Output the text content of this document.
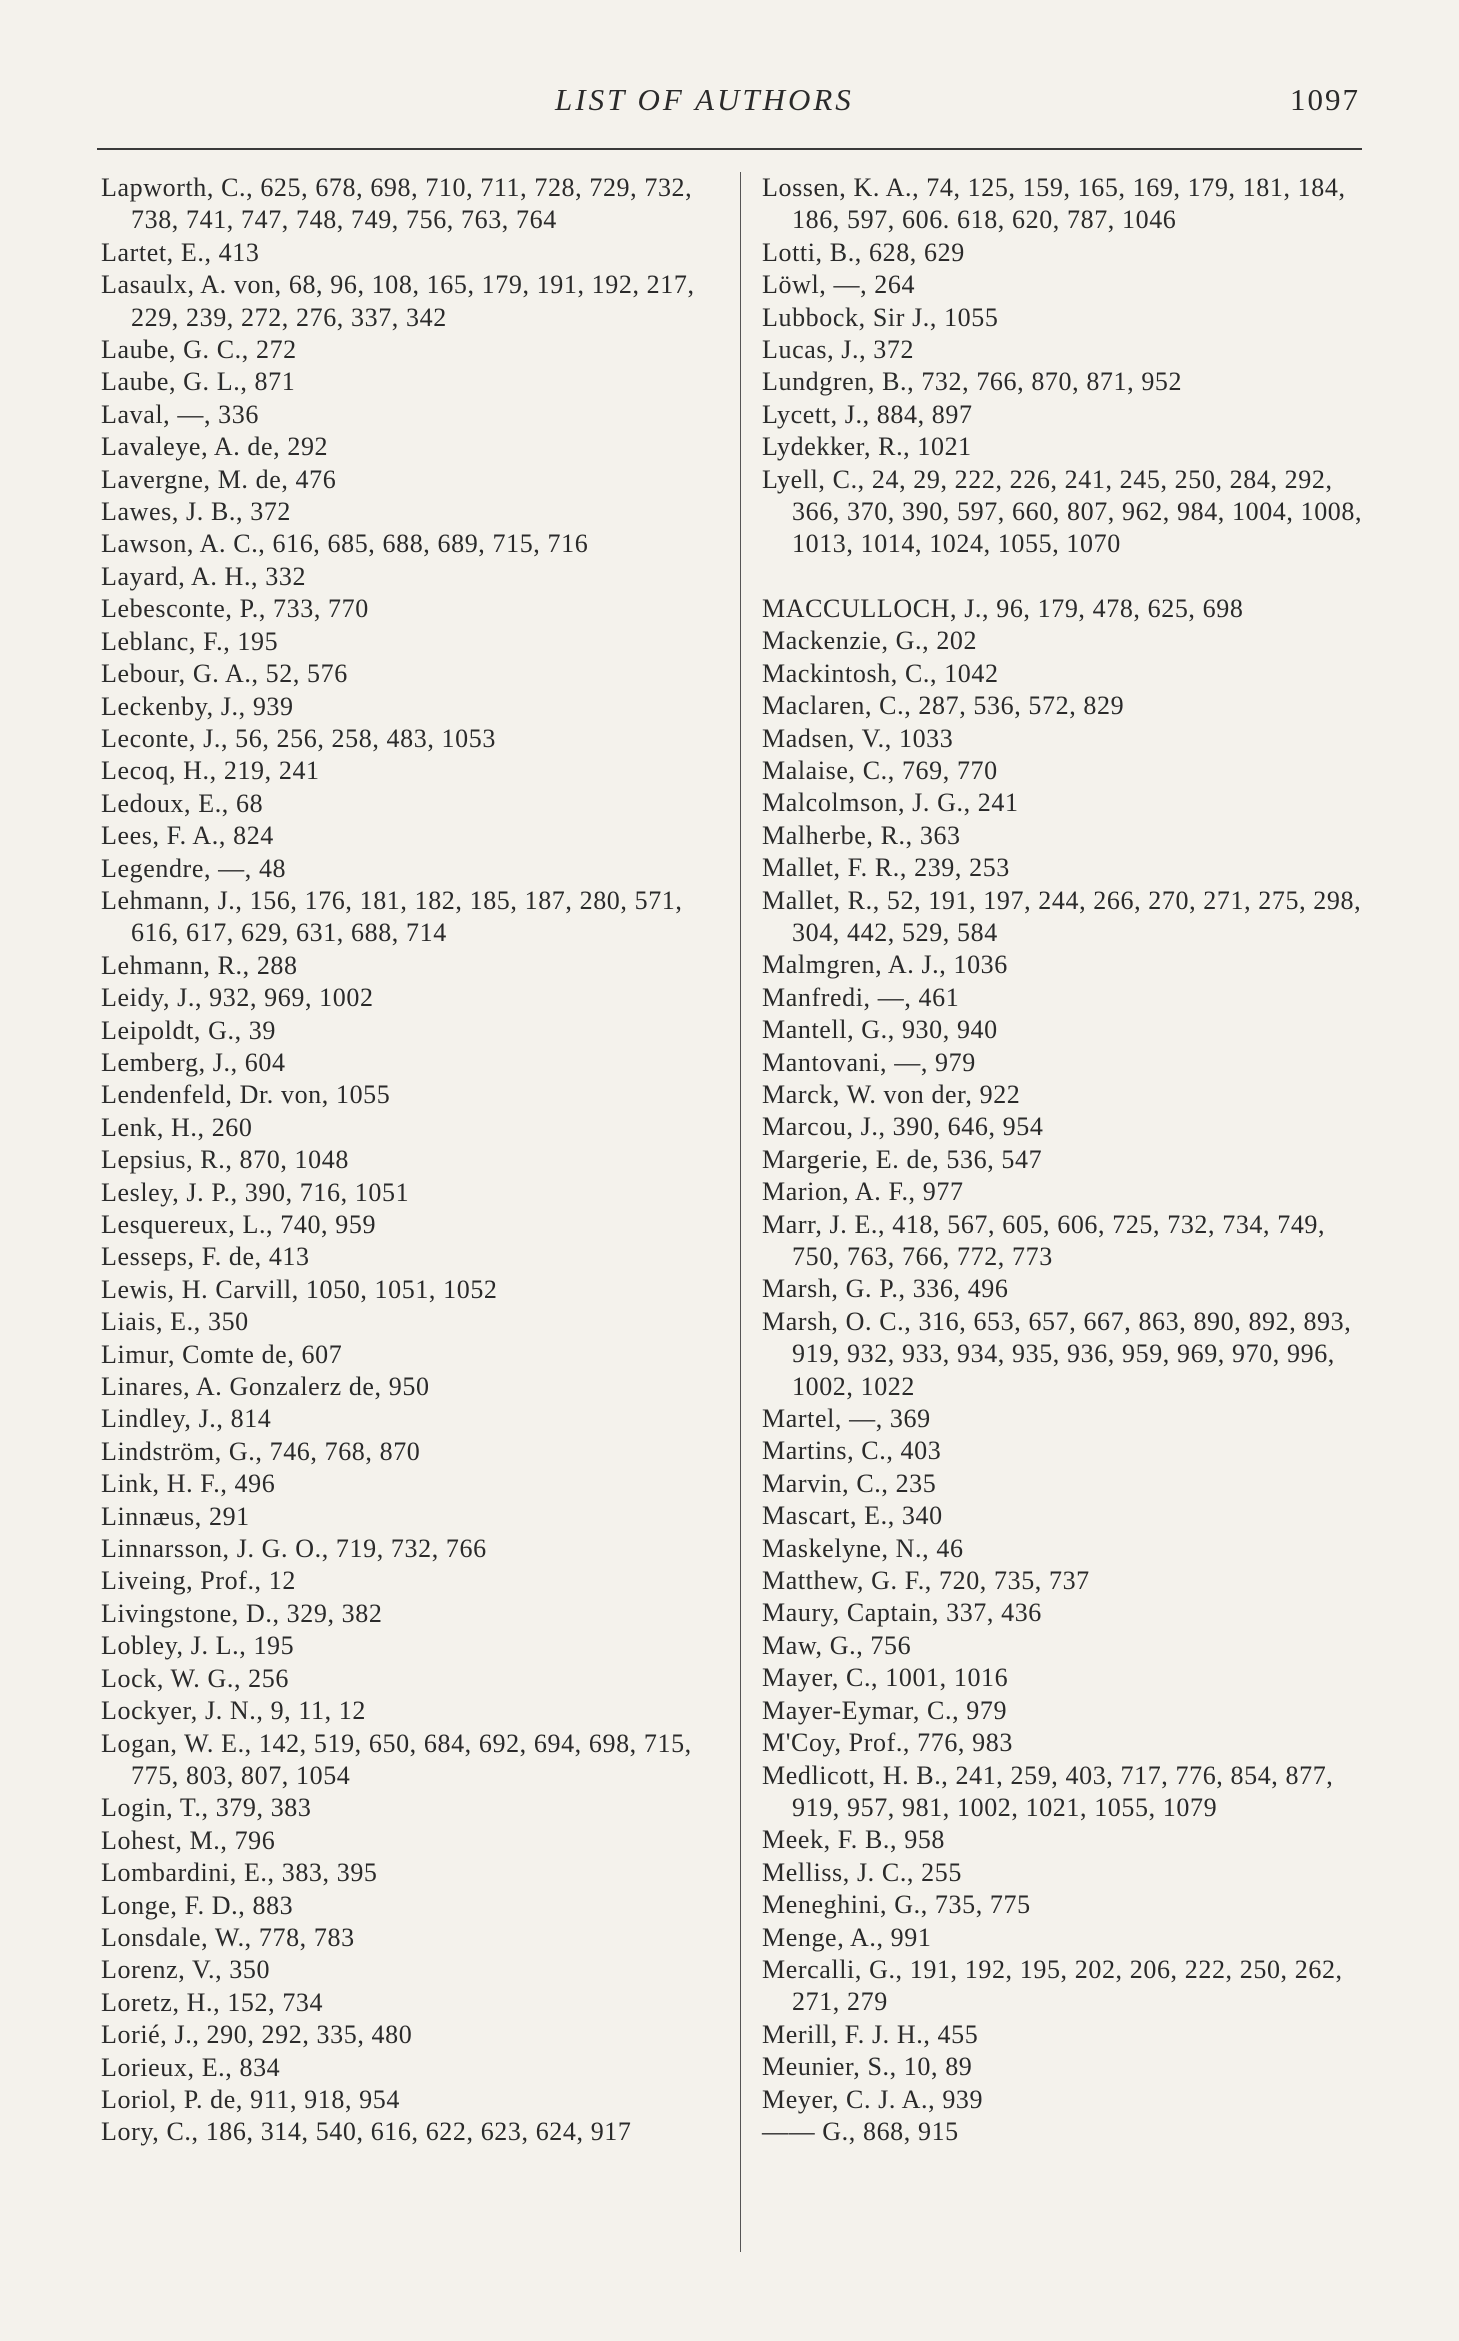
LIST OF AUTHORS	1097
Lapworth, C., 625, 678, 698, 710, 711, 728, 729, 732, 738, 741, 747, 748, 749, 756, 763, 764
Lartet, E., 413
Lasaulx, A. von, 68, 96, 108, 165, 179, 191, 192, 217, 229, 239, 272, 276, 337, 342
Laube, G. C., 272
Laube, G. L., 871
Laval, —, 336
Lavaleye, A. de, 292
Lavergne, M. de, 476
Lawes, J. B., 372
Lawson, A. C., 616, 685, 688, 689, 715, 716
Layard, A. H., 332
Lebesconte, P., 733, 770
Leblanc, F., 195
Lebour, G. A., 52, 576
Leckenby, J., 939
Leconte, J., 56, 256, 258, 483, 1053
Lecoq, H., 219, 241
Ledoux, E., 68
Lees, F. A., 824
Legendre, —, 48
Lehmann, J., 156, 176, 181, 182, 185, 187, 280, 571, 616, 617, 629, 631, 688, 714
Lehmann, R., 288
Leidy, J., 932, 969, 1002
Leipoldt, G., 39
Lemberg, J., 604
Lendenfeld, Dr. von, 1055
Lenk, H., 260
Lepsius, R., 870, 1048
Lesley, J. P., 390, 716, 1051
Lesquereux, L., 740, 959
Lesseps, F. de, 413
Lewis, H. Carvill, 1050, 1051, 1052
Liais, E., 350
Limur, Comte de, 607
Linares, A. Gonzalerz de, 950
Lindley, J., 814
Lindström, G., 746, 768, 870
Link, H. F., 496
Linnæus, 291
Linnarsson, J. G. O., 719, 732, 766
Liveing, Prof., 12
Livingstone, D., 329, 382
Lobley, J. L., 195
Lock, W. G., 256
Lockyer, J. N., 9, 11, 12
Logan, W. E., 142, 519, 650, 684, 692, 694, 698, 715, 775, 803, 807, 1054
Login, T., 379, 383
Lohest, M., 796
Lombardini, E., 383, 395
Longe, F. D., 883
Lonsdale, W., 778, 783
Lorenz, V., 350
Loretz, H., 152, 734
Lorié, J., 290, 292, 335, 480
Lorieux, E., 834
Loriol, P. de, 911, 918, 954
Lory, C., 186, 314, 540, 616, 622, 623, 624, 917
Lossen, K. A., 74, 125, 159, 165, 169, 179, 181, 184, 186, 597, 606. 618, 620, 787, 1046
Lotti, B., 628, 629
Löwl, —, 264
Lubbock, Sir J., 1055
Lucas, J., 372
Lundgren, B., 732, 766, 870, 871, 952
Lycett, J., 884, 897
Lydekker, R., 1021
Lyell, C., 24, 29, 222, 226, 241, 245, 250, 284, 292, 366, 370, 390, 597, 660, 807, 962, 984, 1004, 1008, 1013, 1014, 1024, 1055, 1070
MACCULLOCH, J., 96, 179, 478, 625, 698
Mackenzie, G., 202
Mackintosh, C., 1042
Maclaren, C., 287, 536, 572, 829
Madsen, V., 1033
Malaise, C., 769, 770
Malcolmson, J. G., 241
Malherbe, R., 363
Mallet, F. R., 239, 253
Mallet, R., 52, 191, 197, 244, 266, 270, 271, 275, 298, 304, 442, 529, 584
Malmgren, A. J., 1036
Manfredi, —, 461
Mantell, G., 930, 940
Mantovani, —, 979
Marck, W. von der, 922
Marcou, J., 390, 646, 954
Margerie, E. de, 536, 547
Marion, A. F., 977
Marr, J. E., 418, 567, 605, 606, 725, 732, 734, 749, 750, 763, 766, 772, 773
Marsh, G. P., 336, 496
Marsh, O. C., 316, 653, 657, 667, 863, 890, 892, 893, 919, 932, 933, 934, 935, 936, 959, 969, 970, 996, 1002, 1022
Martel, —, 369
Martins, C., 403
Marvin, C., 235
Mascart, E., 340
Maskelyne, N., 46
Matthew, G. F., 720, 735, 737
Maury, Captain, 337, 436
Maw, G., 756
Mayer, C., 1001, 1016
Mayer-Eymar, C., 979
M'Coy, Prof., 776, 983
Medlicott, H. B., 241, 259, 403, 717, 776, 854, 877, 919, 957, 981, 1002, 1021, 1055, 1079
Meek, F. B., 958
Melliss, J. C., 255
Meneghini, G., 735, 775
Menge, A., 991
Mercalli, G., 191, 192, 195, 202, 206, 222, 250, 262, 271, 279
Merill, F. J. H., 455
Meunier, S., 10, 89
Meyer, C. J. A., 939
—— G., 868, 915
